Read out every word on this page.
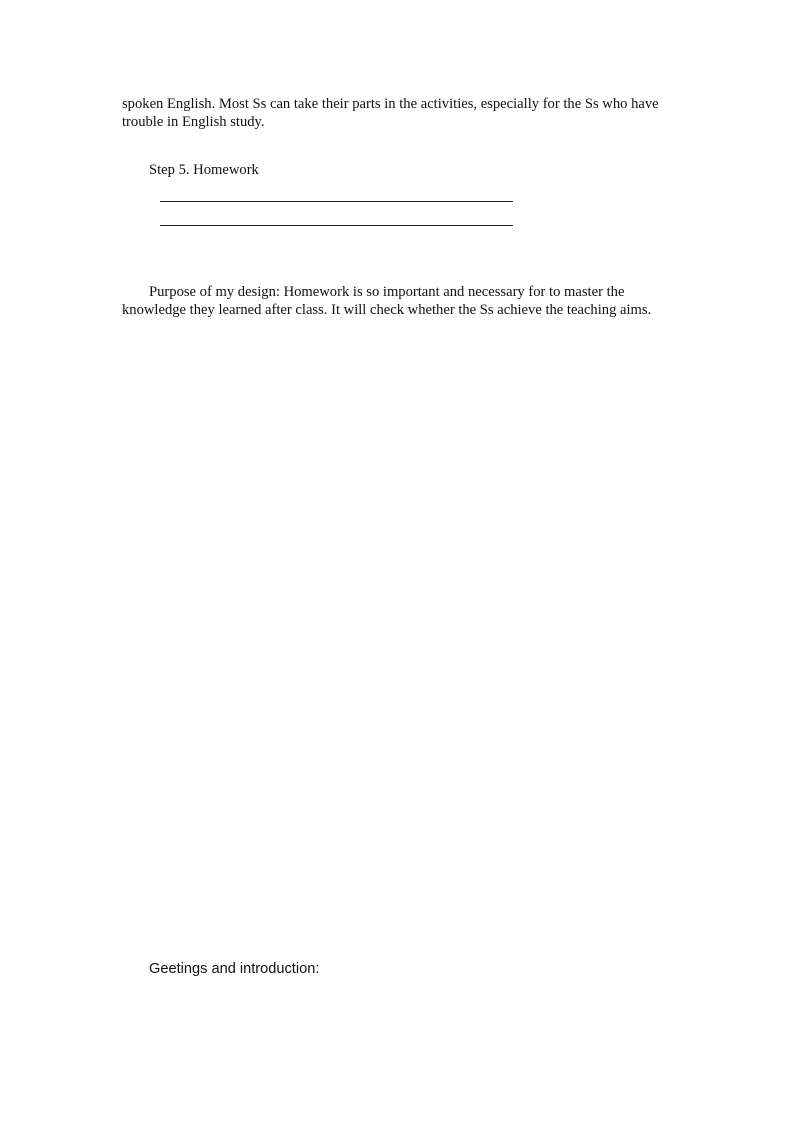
spoken English. Most Ss can take their parts in the activities, especially for the Ss who have trouble in English study.

Step 5. Homework

Purpose of my design: Homework is so important and necessary for to master the knowledge they learned after class. It will check whether the Ss achieve the teaching aims.

Geetings and introduction:
